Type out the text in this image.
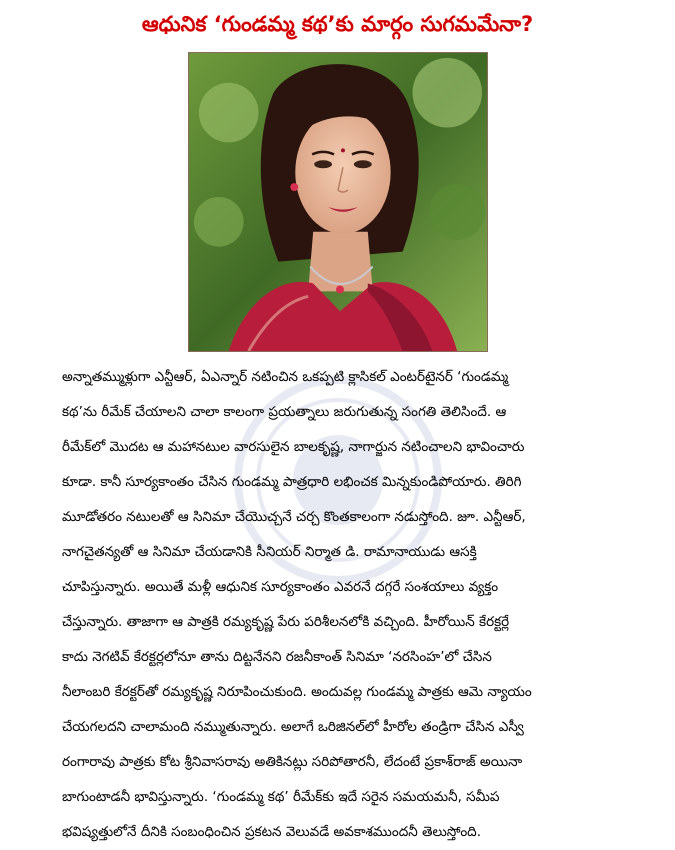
ఆధునిక ‘గుండమ్మ కథ’కు మార్గం సుగమమేనా?
అన్నాతమ్ముళ్లుగా ఎన్టీఆర్, ఏఎన్నార్ నటించిన ఒకప్పటి క్లాసికల్ ఎంటర్‌టైనర్ ‘గుండమ్మ
కథ’ను రీమేక్ చేయాలని చాలా కాలంగా ప్రయత్నాలు జరుగుతున్న సంగతి తెలిసిందే. ఆ
రీమేక్‌లో మొదట ఆ మహానటుల వారసులైన బాలకృష్ణ, నాగార్జున నటించాలని భావించారు
కూడా. కానీ సూర్యకాంతం చేసిన గుండమ్మ పాత్రధారి లభించక మిన్నకుండిపోయారు. తిరిగి
మూడోతరం నటులతో ఆ సినిమా చేయొచ్చనే చర్చ కొంతకాలంగా నడుస్తోంది. జూ. ఎన్టీఆర్,
నాగచైతన్యతో ఆ సినిమా చేయడానికి సీనియర్ నిర్మాత డి. రామానాయుడు ఆసక్తి
చూపిస్తున్నారు. అయితే మళ్లీ ఆధునిక సూర్యకాంతం ఎవరనే దగ్గరే సంశయాలు వ్యక్తం
చేస్తున్నారు. తాజాగా ఆ పాత్రకి రమ్యకృష్ణ పేరు పరిశీలనలోకి వచ్చింది. హీరోయిన్ కేరక్టర్లే
కాదు నెగటివ్ కేరక్టర్లలోనూ తాను దిట్టనేనని రజనీకాంత్ సినిమా ‘నరసింహ’లో చేసిన
నీలాంబరి కేరక్టర్‌తో రమ్యకృష్ణ నిరూపించుకుంది. అందువల్ల గుండమ్మ పాత్రకు ఆమె న్యాయం
చేయగలదని చాలామంది నమ్ముతున్నారు. అలాగే ఒరిజినల్‌లో హీరోల తండ్రిగా చేసిన ఎస్వీ
రంగారావు పాత్రకు కోట శ్రీనివాసరావు అతికినట్లు సరిపోతారనీ, లేదంటే ప్రకాశ్‌రాజ్ అయినా
బాగుంటాడనీ భావిస్తున్నారు. ‘గుండమ్మ కథ’ రీమేక్‌కు ఇదే సరైన సమయమనీ, సమీప
భవిష్యత్తులోనే దీనికి సంబంధించిన ప్రకటన వెలువడే అవకాశముందనీ తెలుస్తోంది.
